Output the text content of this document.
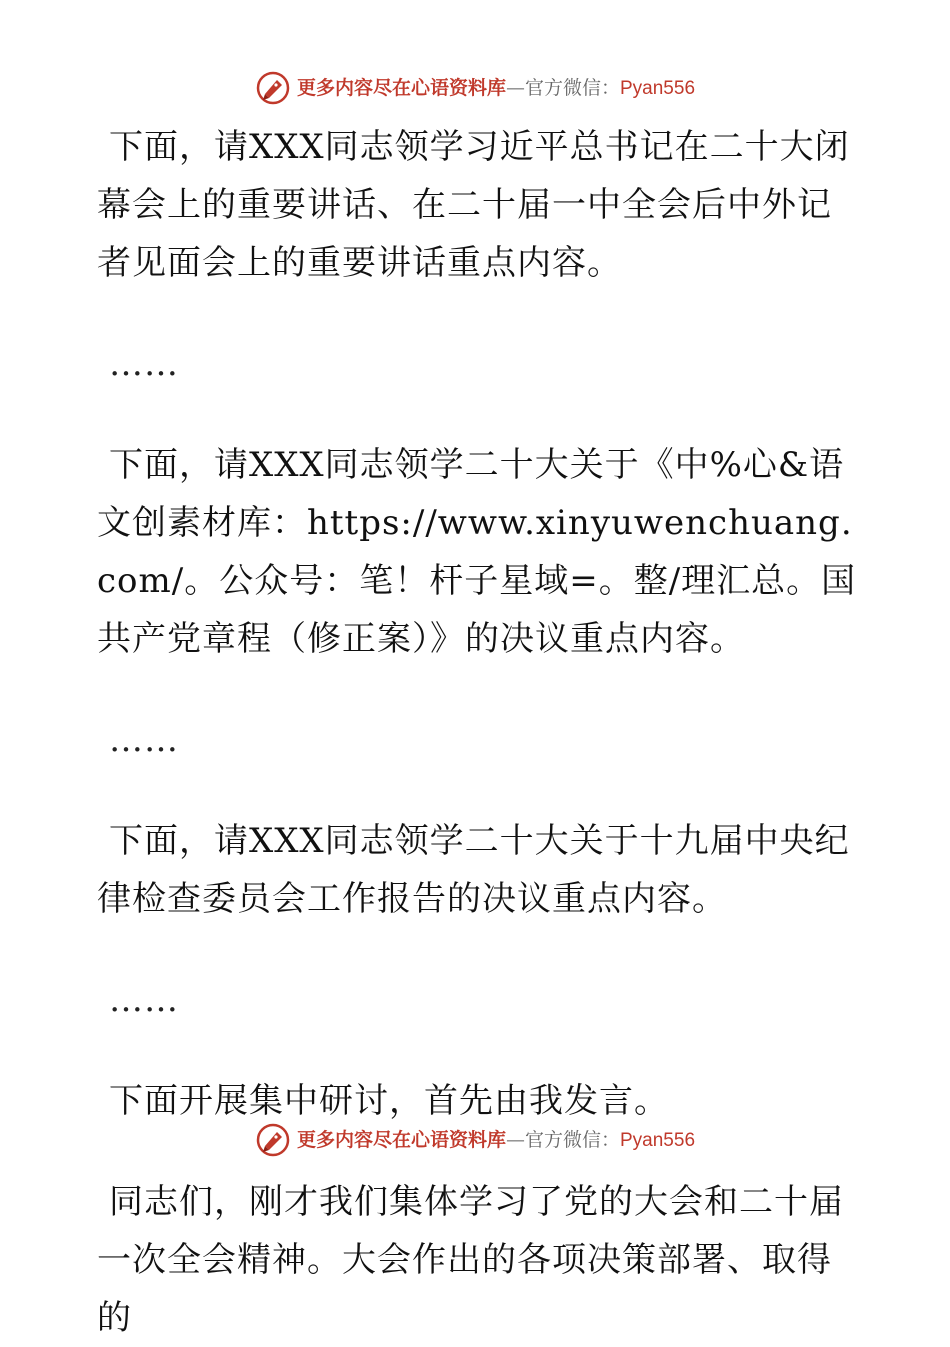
更多内容尽在心语资料库 — 官方微信： Pyan556

下面，请XXX同志领学习近平总书记在二十大闭幕会上的重要讲话、在二十届一中全会后中外记者见面会上的重要讲话重点内容。

……

下面，请XXX同志领学二十大关于《中%心&语文创素材库：https://www.xinyuwenchuang.com/。公众号：笔！杆子星域=。整/理汇总。国共产党章程（修正案）》的决议重点内容。

……

下面，请XXX同志领学二十大关于十九届中央纪律检查委员会工作报告的决议重点内容。

……

下面开展集中研讨，首先由我发言。

同志们，刚才我们集体学习了党的大会和二十届一次全会精神。大会作出的各项决策部署、取得的

更多内容尽在心语资料库 — 官方微信： Pyan556
